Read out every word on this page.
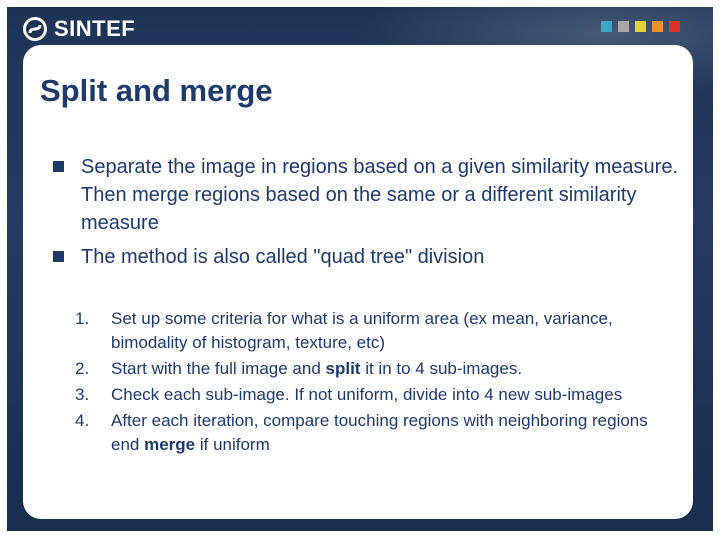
SINTEF
Split and merge
Separate the image in regions based on a given similarity measure. Then merge regions based on the same or a different similarity measure
The method is also called "quad tree" division
1. Set up some criteria for what is a uniform area (ex mean, variance, bimodality of histogram, texture, etc)
2. Start with the full image and split it in to 4 sub-images.
3. Check each sub-image. If not uniform, divide into 4 new sub-images
4. After each iteration, compare touching regions with neighboring regions end merge if uniform
